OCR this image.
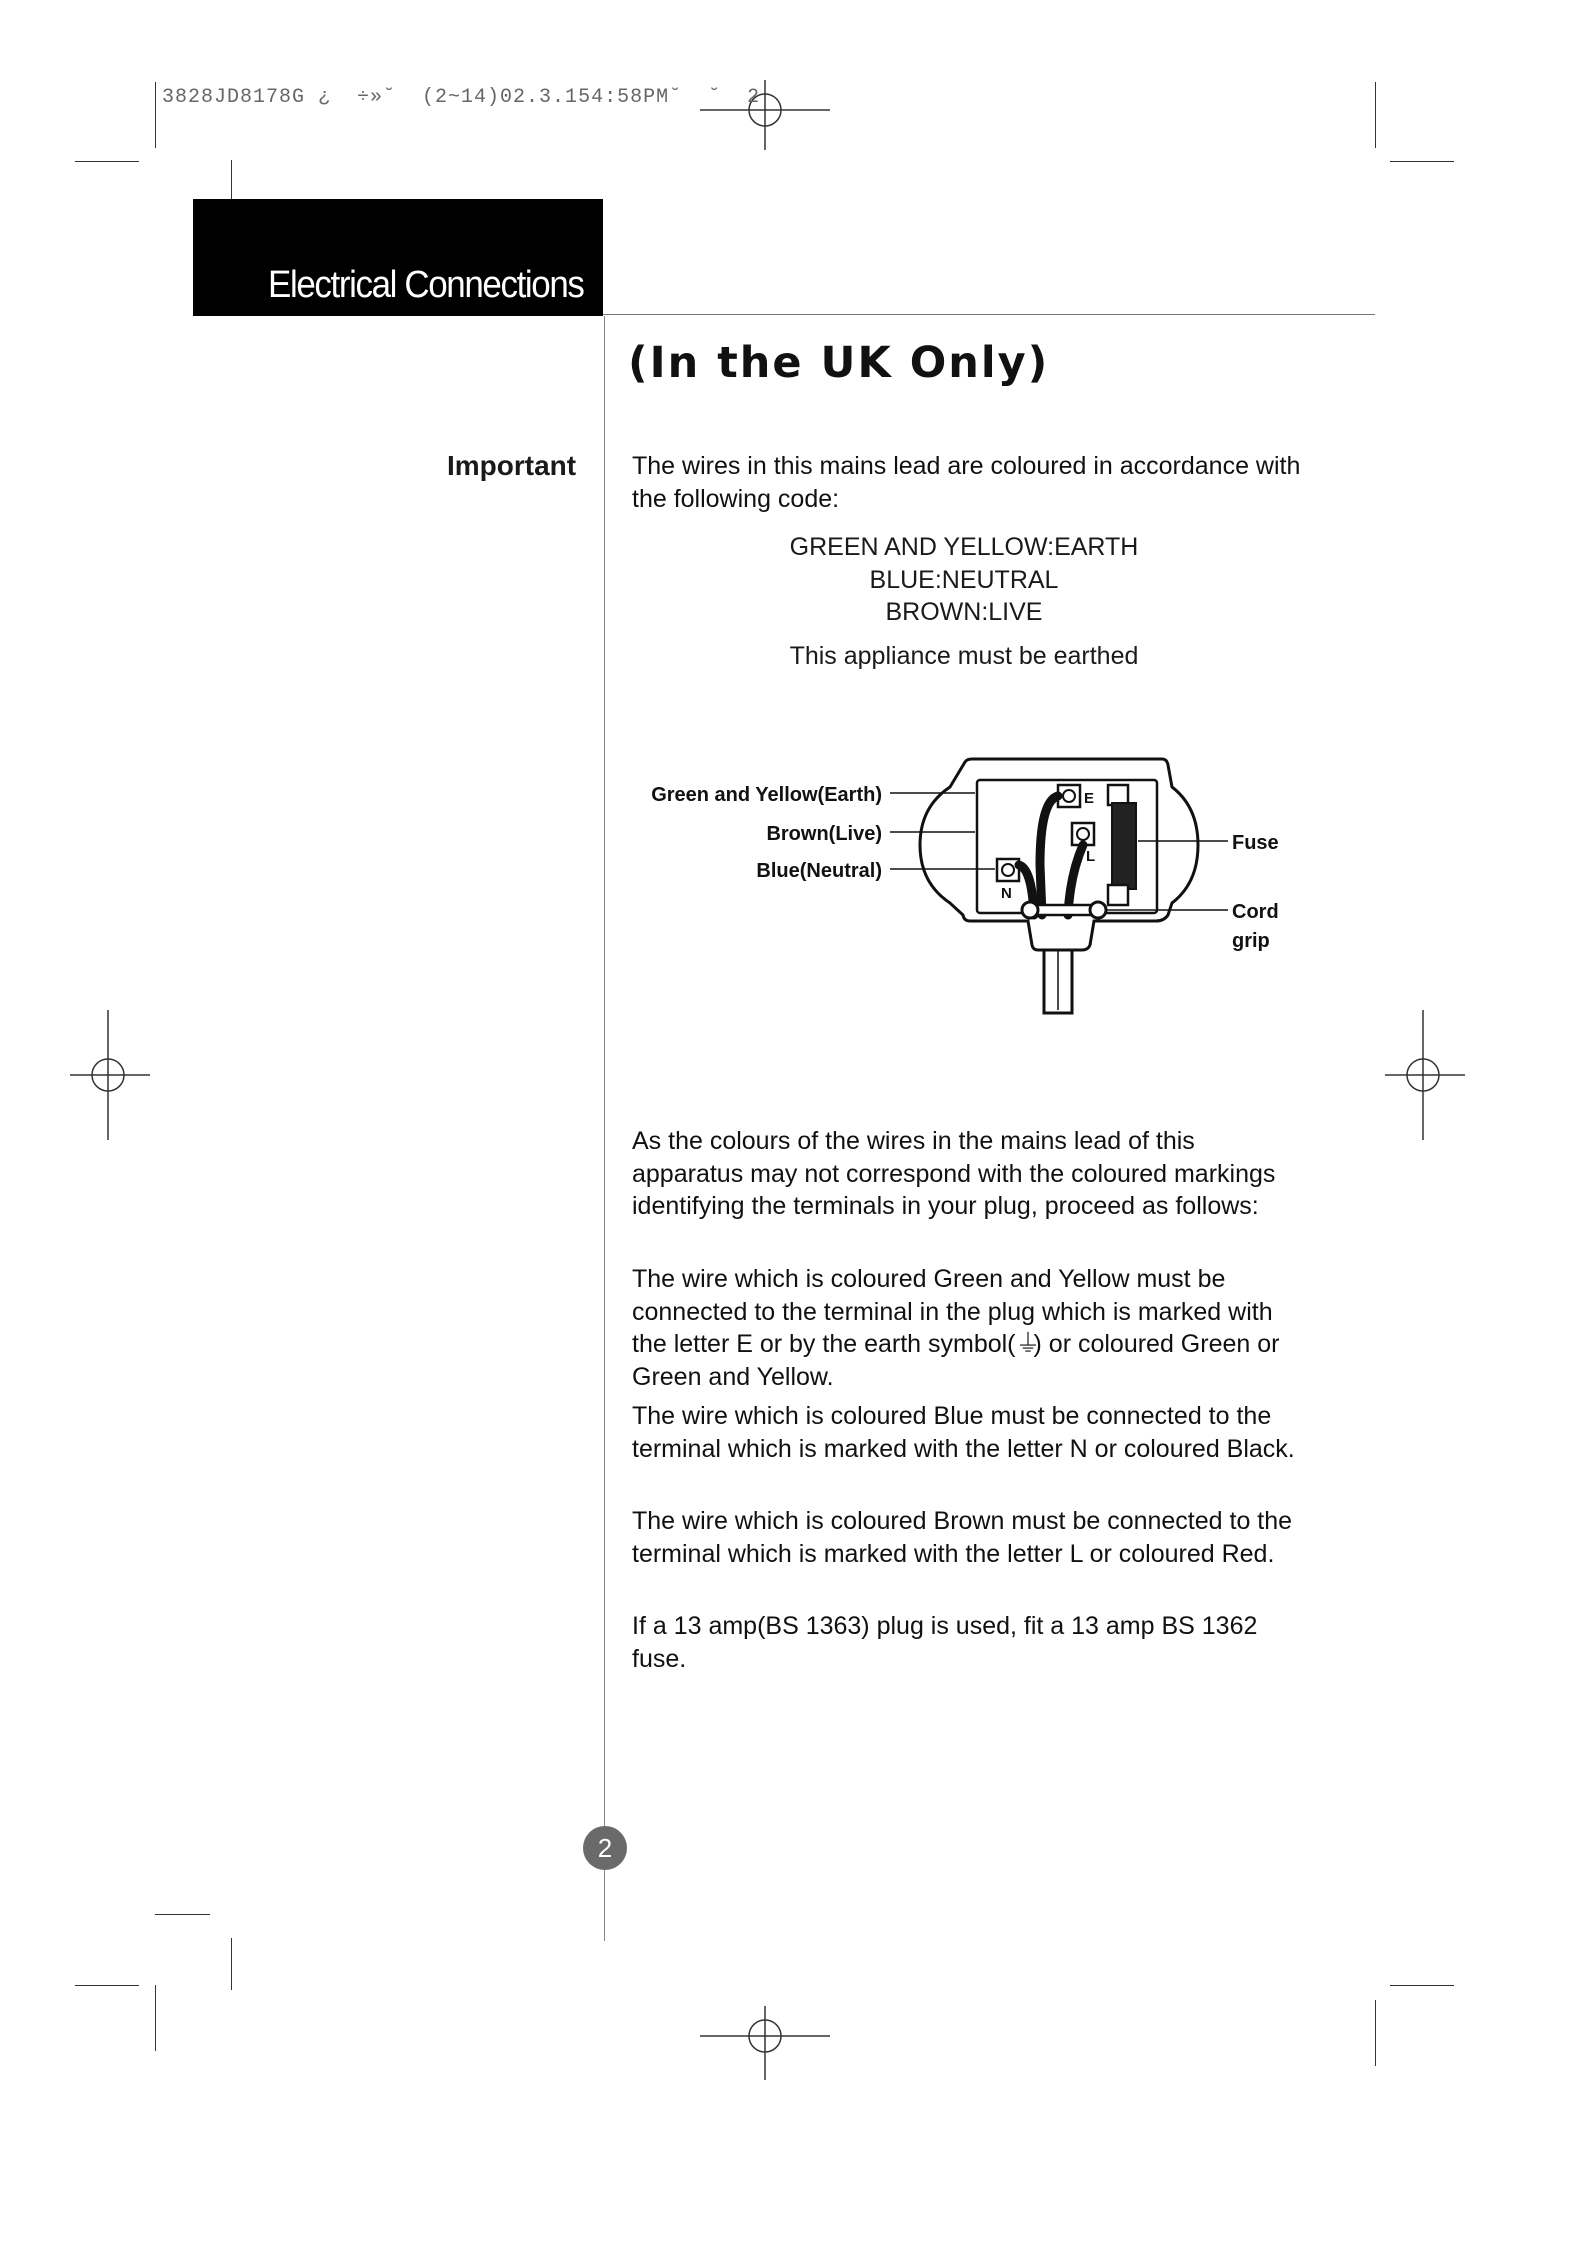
3828JD8178G ¿  ÷»˘  (2~14)02.3.154:58PM˘  ˘  2
Electrical Connections
(In the UK Only)
Important The wires in this mains lead are coloured in accordance with the following code:
GREEN AND YELLOW:EARTH
BLUE:NEUTRAL
BROWN:LIVE
This appliance must be earthed
Green and Yellow(Earth)
Brown(Live)
Blue(Neutral)
Fuse
Cord
grip
E
L
N
As the colours of the wires in the mains lead of this apparatus may not correspond with the coloured markings identifying the terminals in your plug, proceed as follows:
The wire which is coloured Green and Yellow must be connected to the terminal in the plug which is marked with the letter E or by the earth symbol(⏚) or coloured Green or Green and Yellow.
The wire which is coloured Blue must be connected to the terminal which is marked with the letter N or coloured Black.
The wire which is coloured Brown must be connected to the terminal which is marked with the letter L or coloured Red.
If a 13 amp(BS 1363) plug is used, fit a 13 amp BS 1362 fuse.
2
